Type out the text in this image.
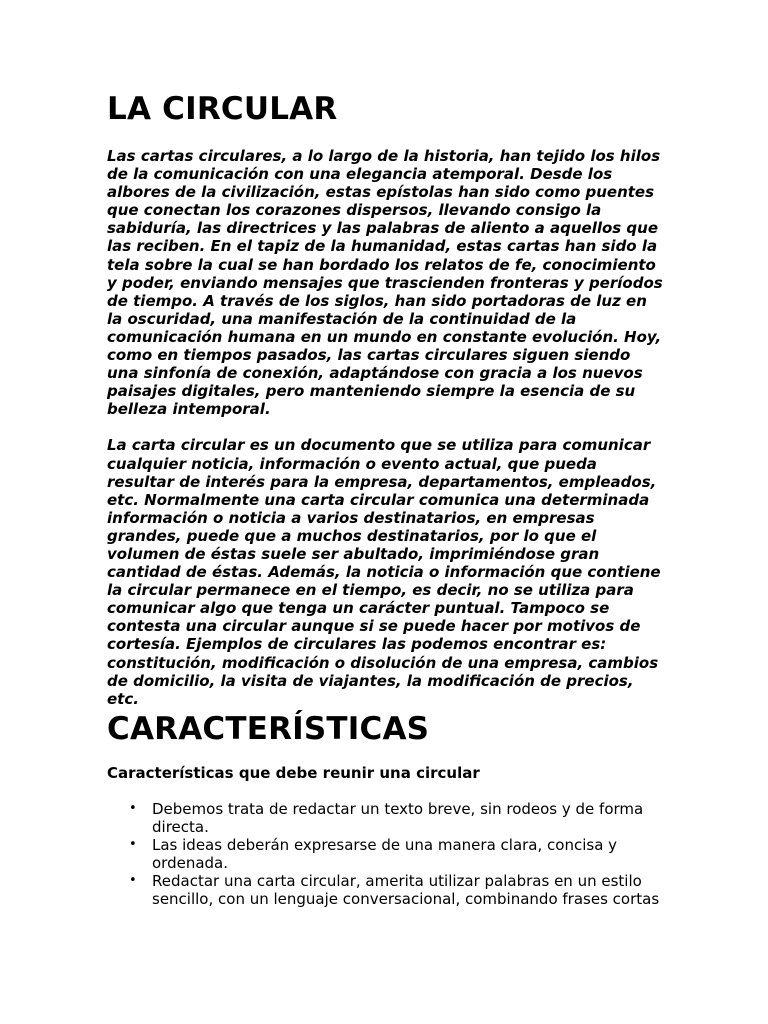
LA CIRCULAR

Las cartas circulares, a lo largo de la historia, han tejido los hilos de la comunicación con una elegancia atemporal. Desde los albores de la civilización, estas epístolas han sido como puentes que conectan los corazones dispersos, llevando consigo la sabiduría, las directrices y las palabras de aliento a aquellos que las reciben. En el tapiz de la humanidad, estas cartas han sido la tela sobre la cual se han bordado los relatos de fe, conocimiento y poder, enviando mensajes que trascienden fronteras y períodos de tiempo. A través de los siglos, han sido portadoras de luz en la oscuridad, una manifestación de la continuidad de la comunicación humana en un mundo en constante evolución. Hoy, como en tiempos pasados, las cartas circulares siguen siendo una sinfonía de conexión, adaptándose con gracia a los nuevos paisajes digitales, pero manteniendo siempre la esencia de su belleza intemporal.

La carta circular es un documento que se utiliza para comunicar cualquier noticia, información o evento actual, que pueda resultar de interés para la empresa, departamentos, empleados, etc. Normalmente una carta circular comunica una determinada información o noticia a varios destinatarios, en empresas grandes, puede que a muchos destinatarios, por lo que el volumen de éstas suele ser abultado, imprimiéndose gran cantidad de éstas. Además, la noticia o información que contiene la circular permanece en el tiempo, es decir, no se utiliza para comunicar algo que tenga un carácter puntual. Tampoco se contesta una circular aunque si se puede hacer por motivos de cortesía. Ejemplos de circulares las podemos encontrar es: constitución, modificación o disolución de una empresa, cambios de domicilio, la visita de viajantes, la modificación de precios, etc.

CARACTERÍSTICAS

Características que debe reunir una circular

• Debemos trata de redactar un texto breve, sin rodeos y de forma directa.
• Las ideas deberán expresarse de una manera clara, concisa y ordenada.
• Redactar una carta circular, amerita utilizar palabras en un estilo sencillo, con un lenguaje conversacional, combinando frases cortas
